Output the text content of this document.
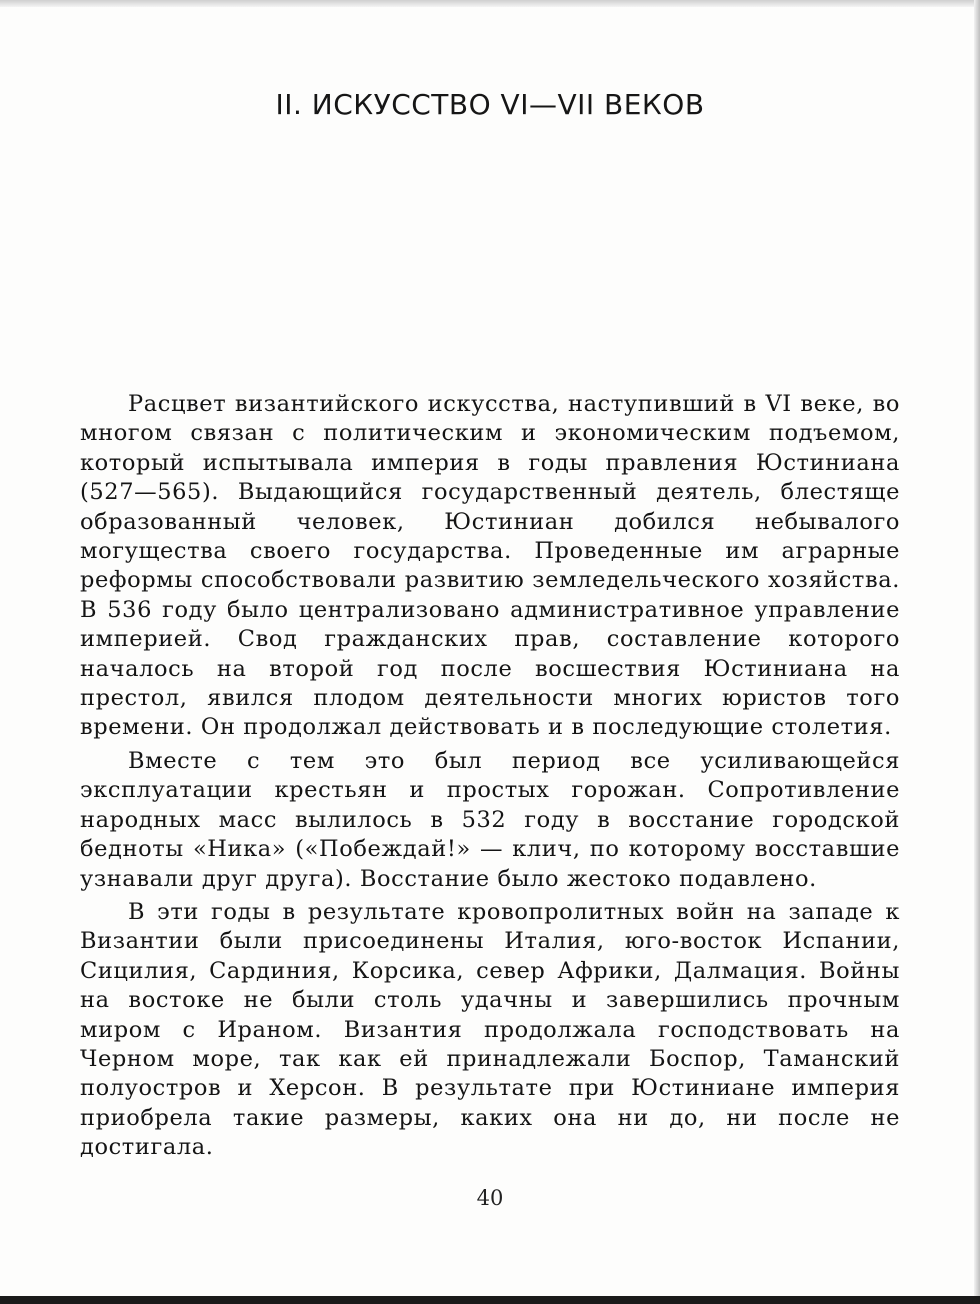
II. ИСКУССТВО VI—VII ВЕКОВ

Расцвет византийского искусства, наступивший в VI веке, во многом связан с политическим и экономическим подъемом, который испытывала империя в годы правления Юстиниана (527—565). Выдающийся государственный деятель, блестяще образованный человек, Юстиниан добился небывалого могущества своего государства. Проведенные им аграрные реформы способствовали развитию земледельческого хозяйства. В 536 году было централизовано административное управление империей. Свод гражданских прав, составление которого началось на второй год после восшествия Юстиниана на престол, явился плодом деятельности многих юристов того времени. Он продолжал действовать и в последующие столетия.

Вместе с тем это был период все усиливающейся эксплуатации крестьян и простых горожан. Сопротивление народных масс вылилось в 532 году в восстание городской бедноты «Ника» («Побеждай!» — клич, по которому восставшие узнавали друг друга). Восстание было жестоко подавлено.

В эти годы в результате кровопролитных войн на западе к Византии были присоединены Италия, юго-восток Испании, Сицилия, Сардиния, Корсика, север Африки, Далмация. Войны на востоке не были столь удачны и завершились прочным миром с Ираном. Византия продолжала господствовать на Черном море, так как ей принадлежали Боспор, Таманский полуостров и Херсон. В результате при Юстиниане империя приобрела такие размеры, каких она ни до, ни после не достигала.

40
